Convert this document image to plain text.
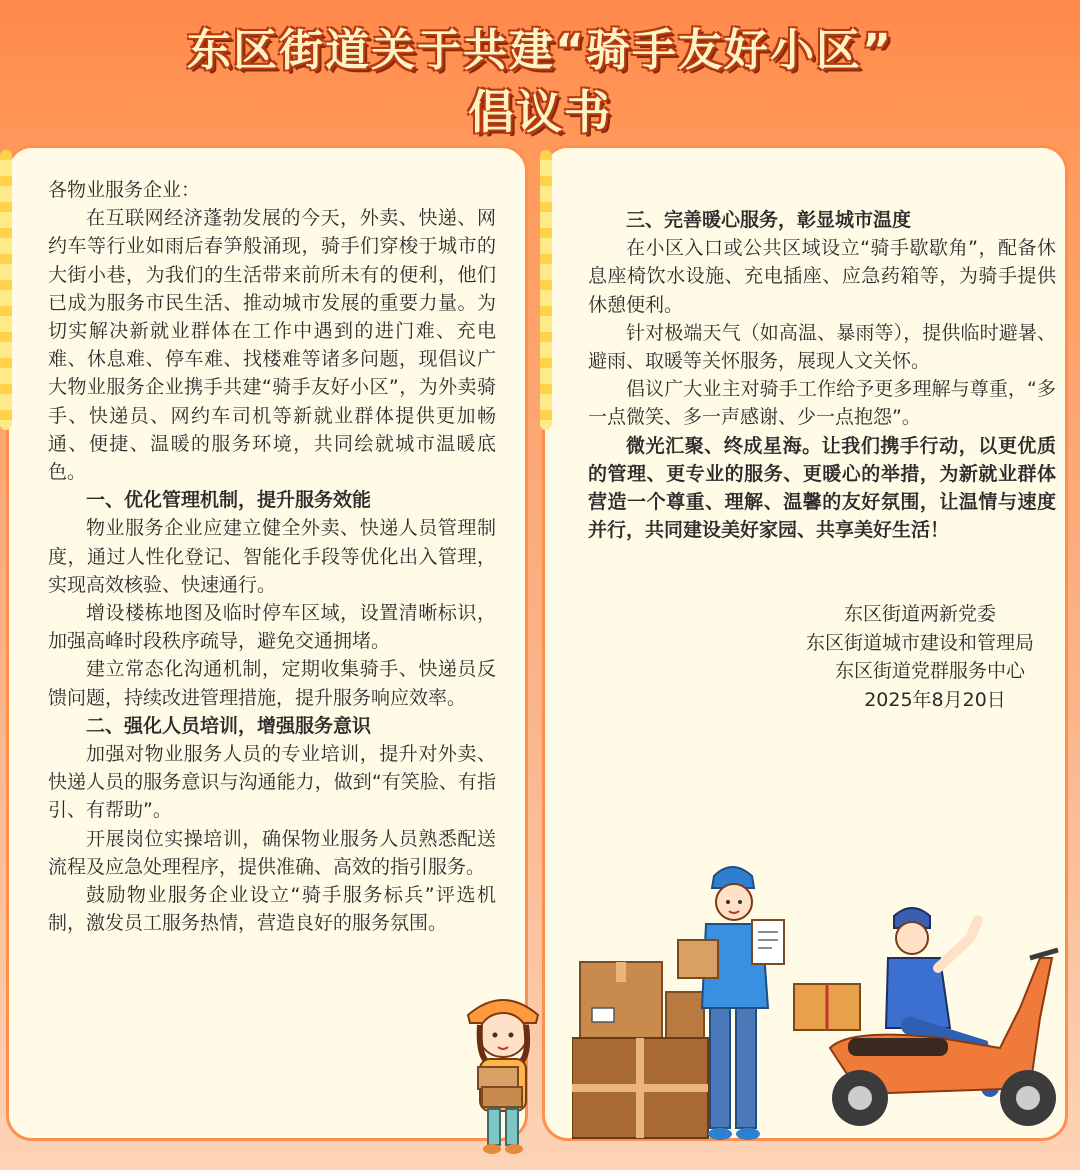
东区街道关于共建“骑手友好小区”
倡议书

各物业服务企业：

在互联网经济蓬勃发展的今天，外卖、快递、网约车等行业如雨后春笋般涌现，骑手们穿梭于城市的大街小巷，为我们的生活带来前所未有的便利，他们已成为服务市民生活、推动城市发展的重要力量。为切实解决新就业群体在工作中遇到的进门难、充电难、休息难、停车难、找楼难等诸多问题，现倡议广大物业服务企业携手共建“骑手友好小区”，为外卖骑手、快递员、网约车司机等新就业群体提供更加畅通、便捷、温暖的服务环境，共同绘就城市温暖底色。

一、优化管理机制，提升服务效能

物业服务企业应建立健全外卖、快递人员管理制度，通过人性化登记、智能化手段等优化出入管理，实现高效核验、快速通行。

增设楼栋地图及临时停车区域，设置清晰标识，加强高峰时段秩序疏导，避免交通拥堵。

建立常态化沟通机制，定期收集骑手、快递员反馈问题，持续改进管理措施，提升服务响应效率。

二、强化人员培训，增强服务意识

加强对物业服务人员的专业培训，提升对外卖、快递人员的服务意识与沟通能力，做到“有笑脸、有指引、有帮助”。

开展岗位实操培训，确保物业服务人员熟悉配送流程及应急处理程序，提供准确、高效的指引服务。

鼓励物业服务企业设立“骑手服务标兵”评选机制，激发员工服务热情，营造良好的服务氛围。

三、完善暖心服务，彰显城市温度

在小区入口或公共区域设立“骑手歇歇角”，配备休息座椅饮水设施、充电插座、应急药箱等，为骑手提供休憩便利。

针对极端天气（如高温、暴雨等），提供临时避暑、避雨、取暖等关怀服务，展现人文关怀。

倡议广大业主对骑手工作给予更多理解与尊重，“多一点微笑、多一声感谢、少一点抱怨”。

微光汇聚、终成星海。让我们携手行动，以更优质的管理、更专业的服务、更暖心的举措，为新就业群体营造一个尊重、理解、温馨的友好氛围，让温情与速度并行，共同建设美好家园、共享美好生活！

东区街道两新党委

东区街道城市建设和管理局

东区街道党群服务中心

2025年8月20日
